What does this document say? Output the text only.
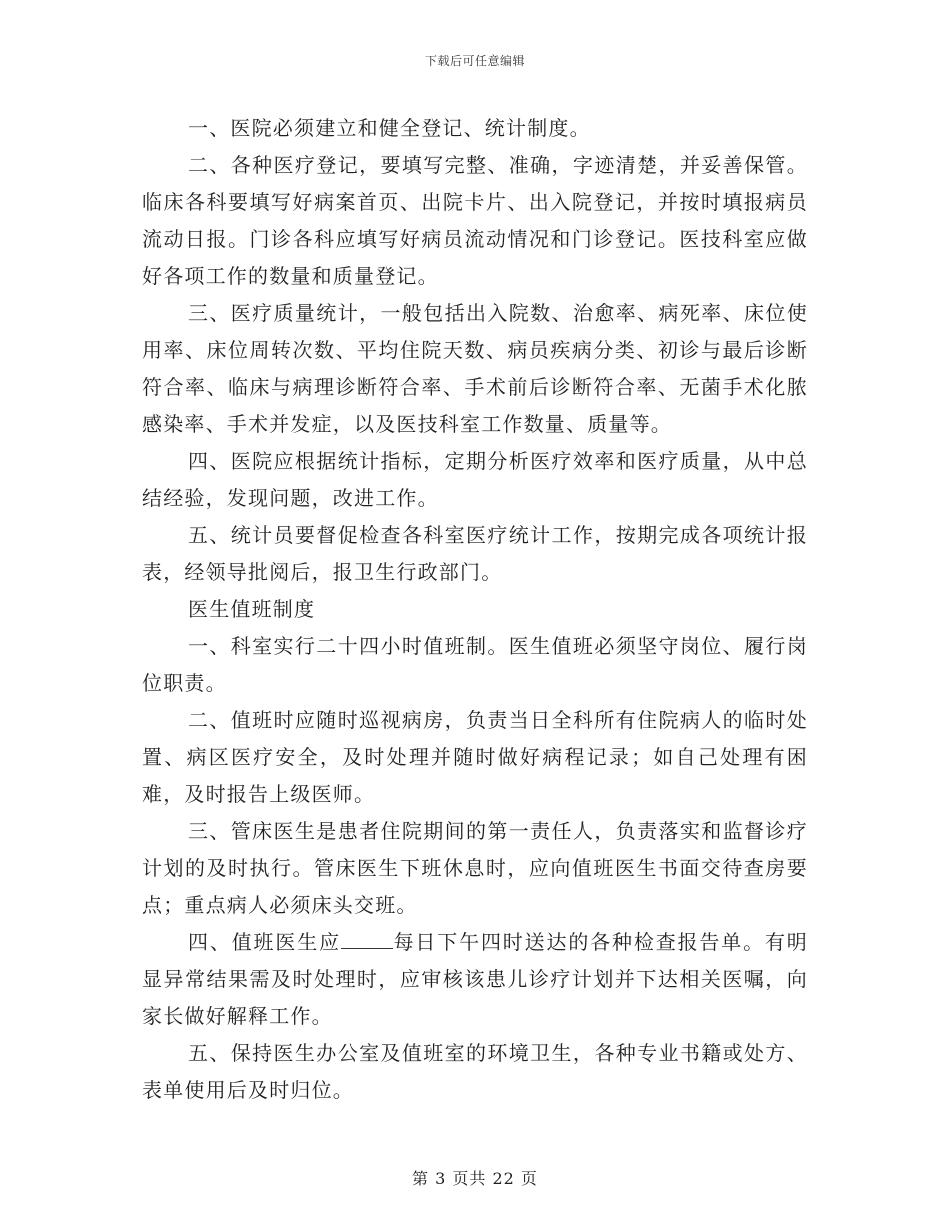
下载后可任意编辑

一、医院必须建立和健全登记、统计制度。

二、各种医疗登记，要填写完整、准确，字迹清楚，并妥善保管。临床各科要填写好病案首页、出院卡片、出入院登记，并按时填报病员流动日报。门诊各科应填写好病员流动情况和门诊登记。医技科室应做好各项工作的数量和质量登记。

三、医疗质量统计，一般包括出入院数、治愈率、病死率、床位使用率、床位周转次数、平均住院天数、病员疾病分类、初诊与最后诊断符合率、临床与病理诊断符合率、手术前后诊断符合率、无菌手术化脓感染率、手术并发症，以及医技科室工作数量、质量等。

四、医院应根据统计指标，定期分析医疗效率和医疗质量，从中总结经验，发现问题，改进工作。

五、统计员要督促检查各科室医疗统计工作，按期完成各项统计报表，经领导批阅后，报卫生行政部门。

医生值班制度

一、科室实行二十四小时值班制。医生值班必须坚守岗位、履行岗位职责。

二、值班时应随时巡视病房，负责当日全科所有住院病人的临时处置、病区医疗安全，及时处理并随时做好病程记录；如自己处理有困难，及时报告上级医师。

三、管床医生是患者住院期间的第一责任人，负责落实和监督诊疗计划的及时执行。管床医生下班休息时，应向值班医生书面交待查房要点；重点病人必须床头交班。

四、值班医生应	每日下午四时送达的各种检查报告单。有明显异常结果需及时处理时，应审核该患儿诊疗计划并下达相关医嘱，向家长做好解释工作。

五、保持医生办公室及值班室的环境卫生，各种专业书籍或处方、表单使用后及时归位。

第 3 页共 22 页
